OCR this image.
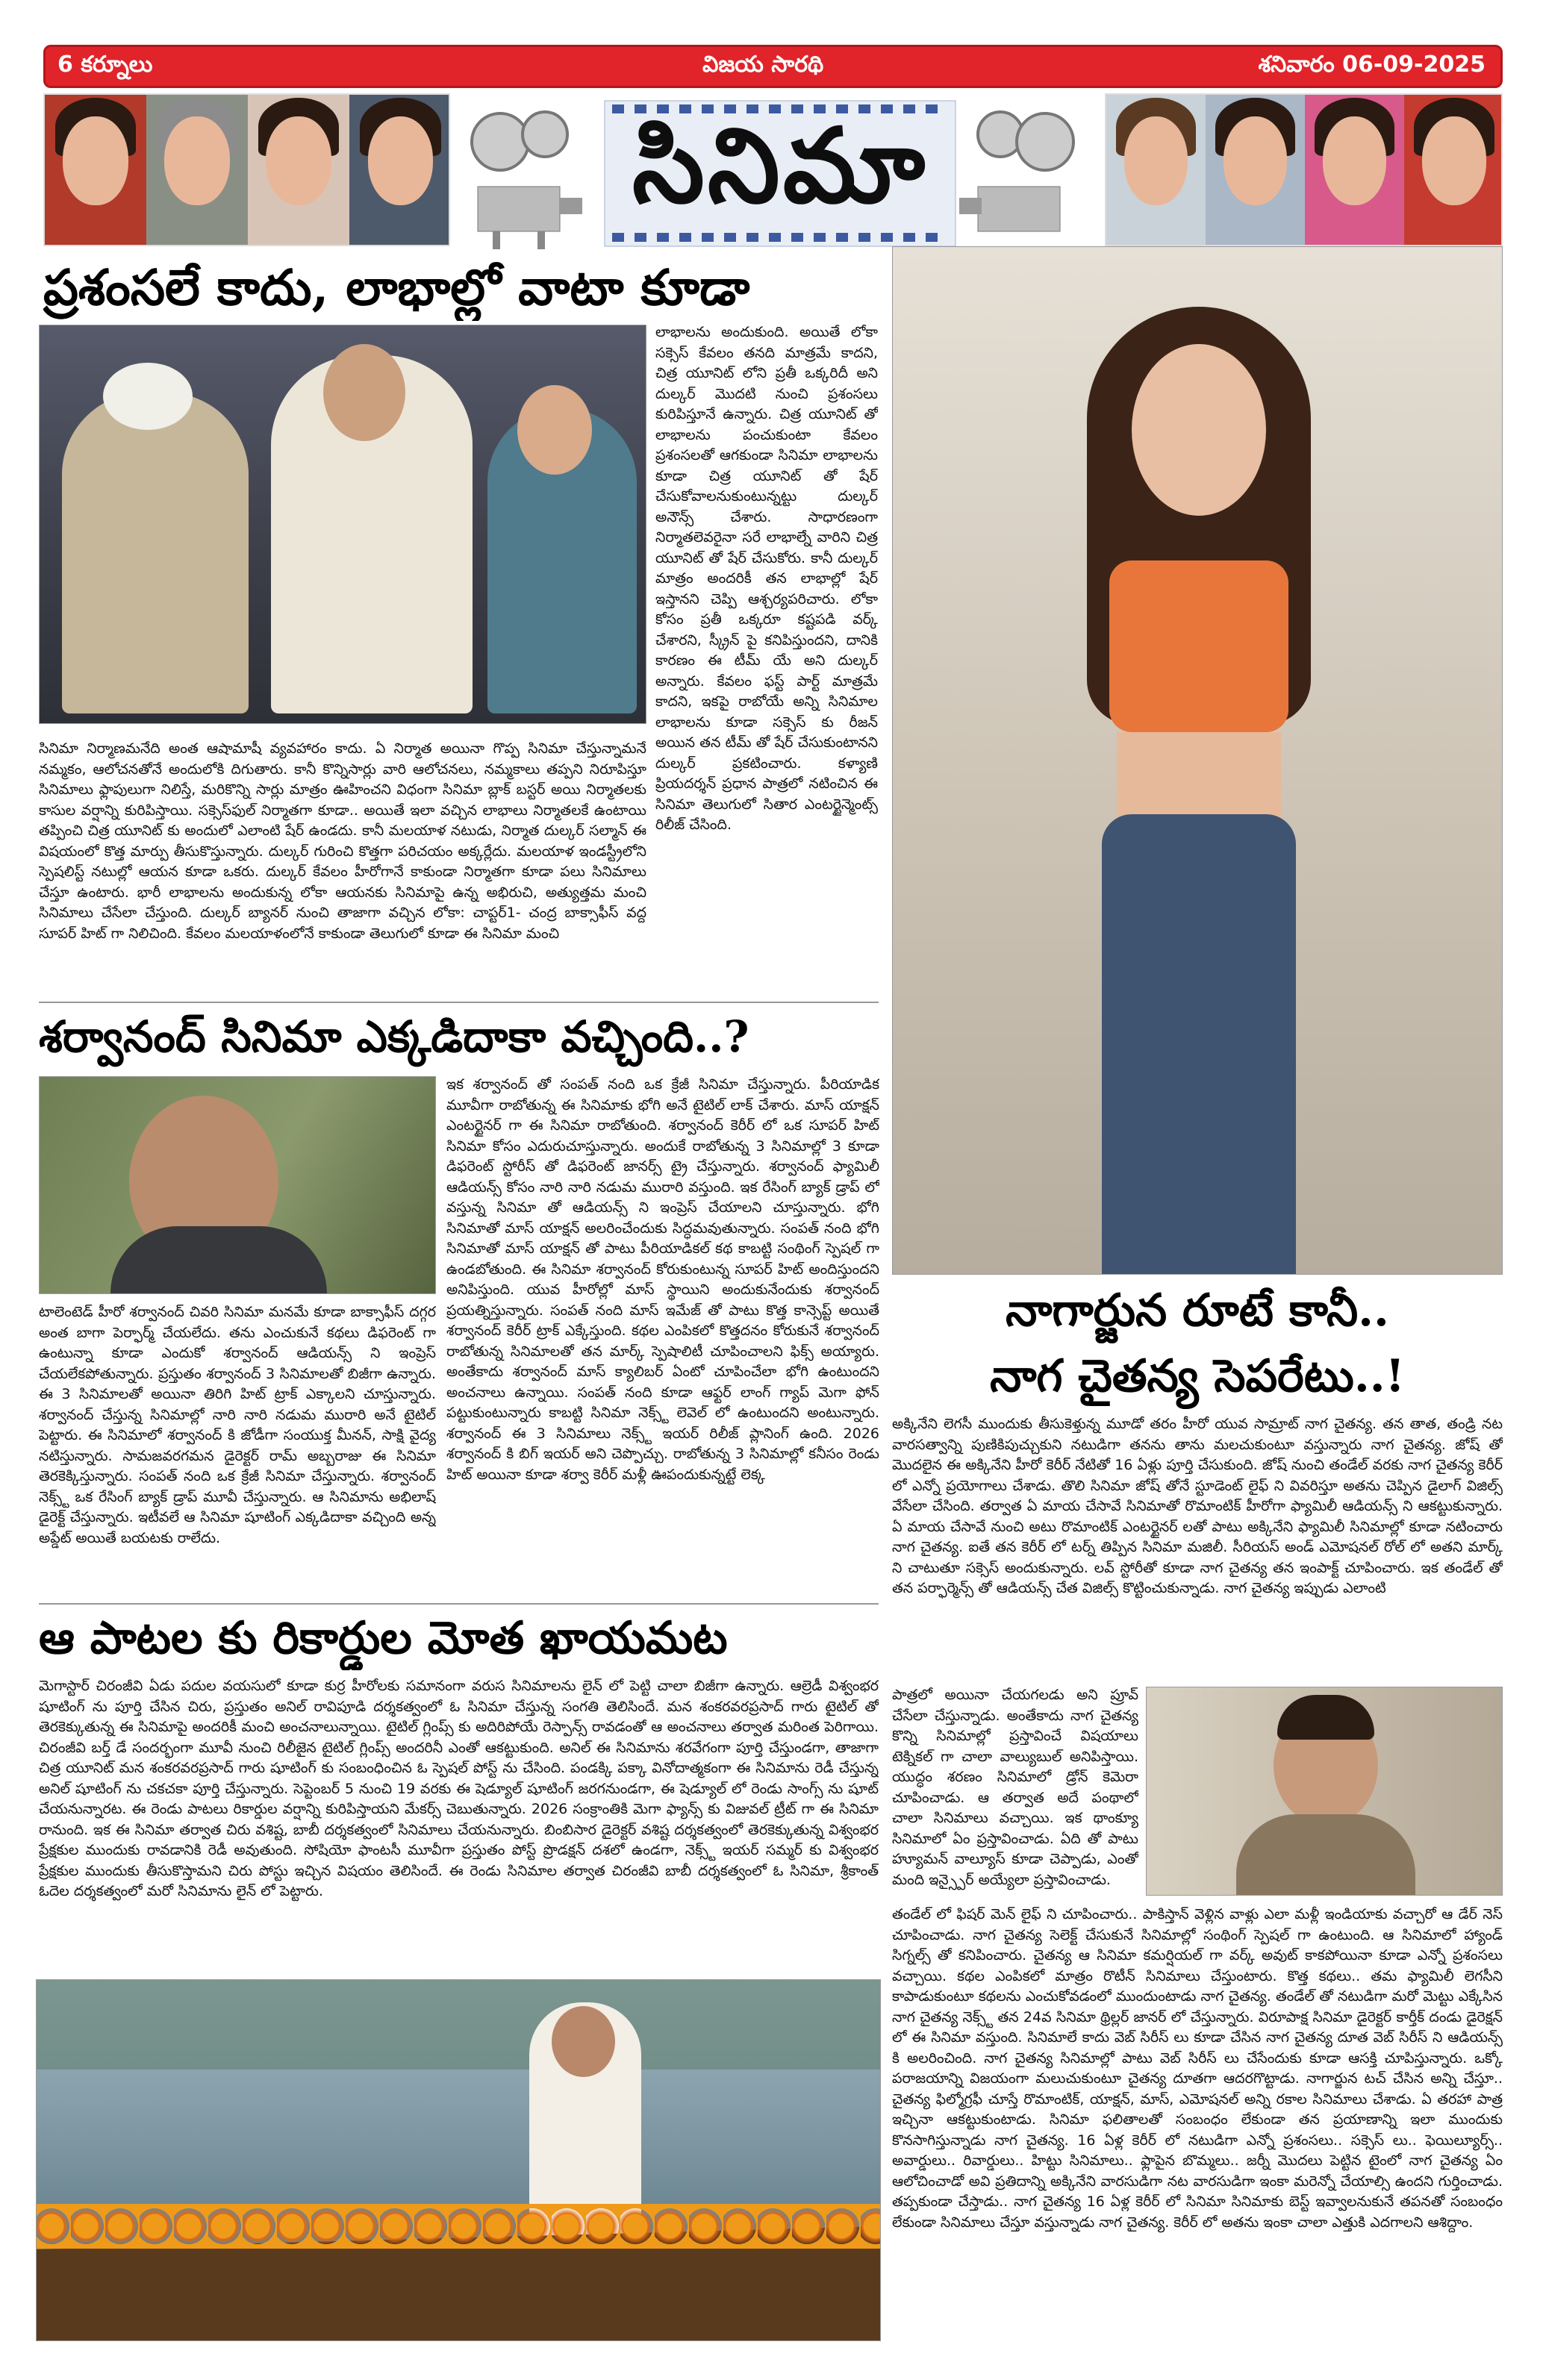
6 కర్నూలు	విజయ సారథి	శనివారం 06-09-2025
సినిమా
ప్రశంసలే కాదు, లాభాల్లో వాటా కూడా
లాభాలను అందుకుంది. అయితే లోకా సక్సెస్ కేవలం తనది మాత్రమే కాదని, చిత్ర యూనిట్ లోని ప్రతీ ఒక్కరిదీ అని దుల్కర్ మొదటి నుంచి ప్రశంసలు కురిపిస్తూనే ఉన్నారు. చిత్ర యూనిట్ తో లాభాలను పంచుకుంటా కేవలం ప్రశంసలతో ఆగకుండా సినిమా లాభాలను కూడా చిత్ర యూనిట్ తో షేర్ చేసుకోవాలనుకుంటున్నట్టు దుల్కర్ అనౌన్స్ చేశారు. సాధారణంగా నిర్మాతలెవరైనా సరే లాభాల్నేే వారిని చిత్ర యూనిట్ తో షేర్ చేసుకోరు. కానీ దుల్కర్ మాత్రం అందరికీ తన లాభాల్లో షేర్ ఇస్తానని చెప్పి ఆశ్చర్యపరిచారు. లోకా కోసం ప్రతీ ఒక్కరూ కష్టపడి వర్క్ చేశారని, స్క్రీన్ పై కనిపిస్తుందని, దానికి కారణం ఈ టీమ్ యే అని దుల్కర్ అన్నారు. కేవలం ఫస్ట్ పార్ట్ మాత్రమే కాదని, ఇకపై రాబోయే అన్ని సినిమాల లాభాలను కూడా సక్సెస్ కు రీజన్ అయిన తన టీమ్ తో షేర్ చేసుకుంటానని దుల్కర్ ప్రకటించారు. కళ్యాణి ప్రియదర్శన్ ప్రధాన పాత్రలో నటించిన ఈ సినిమా తెలుగులో సితార ఎంటర్టైన్మెంట్స్ రిలీజ్ చేసింది.
సినిమా నిర్మాణమనేది అంత ఆషామాషీ వ్యవహారం కాదు. ఏ నిర్మాత అయినా గొప్ప సినిమా చేస్తున్నామనే నమ్మకం, ఆలోచనతోనే అందులోకి దిగుతారు. కానీ కొన్నిసార్లు వారి ఆలోచనలు, నమ్మకాలు తప్పని నిరూపిస్తూ సినిమాలు ఫ్లాపులుగా నిలిస్తే, మరికొన్ని సార్లు మాత్రం ఊహించని విధంగా సినిమా బ్లాక్ బస్టర్ అయి నిర్మాతలకు కాసుల వర్షాన్ని కురిపిస్తాయి. సక్సెస్‌ఫుల్ నిర్మాతగా కూడా.. అయితే ఇలా వచ్చిన లాభాలు నిర్మాతలకే ఉంటాయి తప్పించి చిత్ర యూనిట్ కు అందులో ఎలాంటి షేర్ ఉండదు. కానీ మలయాళ నటుడు, నిర్మాత దుల్కర్ సల్మాన్ ఈ విషయంలో కొత్త మార్పు తీసుకొస్తున్నారు. దుల్కర్ గురించి కొత్తగా పరిచయం అక్కర్లేదు. మలయాళ ఇండస్ట్రీలోని స్పెషలిస్ట్ నటుల్లో ఆయన కూడా ఒకరు. దుల్కర్ కేవలం హీరోగానే కాకుండా నిర్మాతగా కూడా పలు సినిమాలు చేస్తూ ఉంటారు. భారీ లాభాలను అందుకున్న లోకా ఆయనకు సినిమాపై ఉన్న అభిరుచి, అత్యుత్తమ మంచి సినిమాలు చేసేలా చేస్తుంది. దుల్కర్ బ్యానర్ నుంచి తాజాగా వచ్చిన లోకా: చాప్టర్1- చంద్ర బాక్సాఫీస్ వద్ద సూపర్ హిట్ గా నిలిచింది. కేవలం మలయాళంలోనే కాకుండా తెలుగులో కూడా ఈ సినిమా మంచి
శర్వానంద్ సినిమా ఎక్కడిదాకా వచ్చింది..?
ఇక శర్వానంద్ తో సంపత్ నంది ఒక క్రేజీ సినిమా చేస్తున్నారు. పీరియాడిక మూవీగా రాబోతున్న ఈ సినిమాకు భోగి అనే టైటిల్ లాక్ చేశారు. మాస్ యాక్షన్ ఎంటర్టైనర్ గా ఈ సినిమా రాబోతుంది. శర్వానంద్ కెరీర్ లో ఒక సూపర్ హిట్ సినిమా కోసం ఎదురుచూస్తున్నారు. అందుకే రాబోతున్న 3 సినిమాల్లో 3 కూడా డిఫరెంట్ స్టోరీస్ తో డిఫరెంట్ జానర్స్ ట్రై చేస్తున్నారు. శర్వానంద్ ఫ్యామిలీ ఆడియన్స్ కోసం నారి నారి నడుమ మురారి వస్తుంది. ఇక రేసింగ్ బ్యాక్ డ్రాప్ లో వస్తున్న సినిమా తో ఆడియన్స్ ని ఇంప్రెస్ చేయాలని చూస్తున్నారు. భోగి సినిమాతో మాస్ యాక్షన్ అలరించేందుకు సిద్ధమవుతున్నారు. సంపత్ నంది భోగి సినిమాతో మాస్ యాక్షన్ తో పాటు పీరియాడికల్ కథ కాబట్టి సంథింగ్ స్పెషల్ గా ఉండబోతుంది. ఈ సినిమా శర్వానంద్ కోరుకుంటున్న సూపర్ హిట్ అందిస్తుందని అనిపిస్తుంది. యువ హీరోల్లో మాస్ స్థాయిని అందుకునేందుకు శర్వానంద్ ప్రయత్నిస్తున్నారు. సంపత్ నంది మాస్ ఇమేజ్ తో పాటు కొత్త కాన్సెప్ట్ అయితే శర్వానంద్ కెరీర్ ట్రాక్ ఎక్కేస్తుంది. కథల ఎంపికలో కొత్తదనం కోరుకునే శర్వానంద్ రాబోతున్న సినిమాలతో తన మార్క్ స్పెషాలిటీ చూపించాలని ఫిక్స్ అయ్యారు. అంతేకాదు శర్వానంద్ మాస్ క్యాలిబర్ ఏంటో చూపించేలా భోగి ఉంటుందని అంచనాలు ఉన్నాయి. సంపత్ నంది కూడా ఆఫ్టర్ లాంగ్ గ్యాప్ మెగా ఫోన్ పట్టుకుంటున్నారు కాబట్టి సినిమా నెక్స్ట్ లెవెల్ లో ఉంటుందని అంటున్నారు. శర్వానంద్ ఈ 3 సినిమాలు నెక్స్ట్ ఇయర్ రిలీజ్ ప్లానింగ్ ఉంది. 2026 శర్వానంద్ కి బిగ్ ఇయర్ అని చెప్పొచ్చు. రాబోతున్న 3 సినిమాల్లో కనీసం రెండు హిట్ అయినా కూడా శర్వా కెరీర్ మళ్లీ ఊపందుకున్నట్టే లెక్క
టాలెంటెడ్ హీరో శర్వానంద్ చివరి సినిమా మనమే కూడా బాక్సాఫీస్ దగ్గర అంత బాగా పెర్ఫార్మ్ చేయలేదు. తను ఎంచుకునే కథలు డిఫరెంట్ గా ఉంటున్నా కూడా ఎందుకో శర్వానంద్ ఆడియన్స్ ని ఇంప్రెస్ చేయలేకపోతున్నారు. ప్రస్తుతం శర్వానంద్ 3 సినిమాలతో బిజీగా ఉన్నారు. ఈ 3 సినిమాలతో అయినా తిరిగి హిట్ ట్రాక్ ఎక్కాలని చూస్తున్నారు. శర్వానంద్ చేస్తున్న సినిమాల్లో నారి నారి నడుమ మురారి అనే టైటిల్ పెట్టారు. ఈ సినిమాలో శర్వానంద్ కి జోడీగా సంయుక్త మీనన్, సాక్షి వైద్య నటిస్తున్నారు. సామజవరగమన డైరెక్టర్ రామ్ అబ్బరాజు ఈ సినిమా తెరకెక్కిస్తున్నారు. సంపత్ నంది ఒక క్రేజీ సినిమా చేస్తున్నారు. శర్వానంద్ నెక్స్ట్ ఒక రేసింగ్ బ్యాక్ డ్రాప్ మూవీ చేస్తున్నారు. ఆ సినిమాను అభిలాష్ డైరెక్ట్ చేస్తున్నారు. ఇటీవలే ఆ సినిమా షూటింగ్ ఎక్కడిదాకా వచ్చింది అన్న అప్డేట్ అయితే బయటకు రాలేదు.
ఆ పాటల కు రికార్డుల మోత ఖాయమట
మెగాస్టార్ చిరంజీవి ఏడు పదుల వయసులో కూడా కుర్ర హీరోలకు సమానంగా వరుస సినిమాలను లైన్ లో పెట్టి చాలా బిజీగా ఉన్నారు. ఆల్రెడీ విశ్వంభర షూటింగ్ ను పూర్తి చేసిన చిరు, ప్రస్తుతం అనిల్ రావిపూడి దర్శకత్వంలో ఓ సినిమా చేస్తున్న సంగతి తెలిసిందే. మన శంకరవరప్రసాద్ గారు టైటిల్ తో తెరకెక్కుతున్న ఈ సినిమాపై అందరికీ మంచి అంచనాలున్నాయి. టైటిల్ గ్లింప్స్ కు అదిరిపోయే రెస్పాన్స్ రావడంతో ఆ అంచనాలు తర్వాత మరింత పెరిగాయి. చిరంజీవి బర్త్ డే సందర్భంగా మూవీ నుంచి రిలీజైన టైటిల్ గ్లింప్స్ అందరినీ ఎంతో ఆకట్టుకుంది. అనిల్ ఈ సినిమాను శరవేగంగా పూర్తి చేస్తుండగా, తాజాగా చిత్ర యూనిట్ మన శంకరవరప్రసాద్ గారు షూటింగ్ కు సంబంధించిన ఓ స్పెషల్ పోస్ట్ ను చేసింది. పండక్కి పక్కా వినోదాత్మకంగా ఈ సినిమాను రెడీ చేస్తున్న అనిల్ షూటింగ్ ను చకచకా పూర్తి చేస్తున్నారు. సెప్టెంబర్ 5 నుంచి 19 వరకు ఈ షెడ్యూల్ షూటింగ్ జరగనుండగా, ఈ షెడ్యూల్ లో రెండు సాంగ్స్ ను షూట్ చేయనున్నారట. ఈ రెండు పాటలు రికార్డుల వర్షాన్ని కురిపిస్తాయని మేకర్స్ చెబుతున్నారు. 2026 సంక్రాంతికి మెగా ఫ్యాన్స్ కు విజువల్ ట్రీట్ గా ఈ సినిమా రానుంది. ఇక ఈ సినిమా తర్వాత చిరు వశిష్ట, బాబీ దర్శకత్వంలో సినిమాలు చేయనున్నారు. బింబిసార డైరెక్టర్ వశిష్ట దర్శకత్వంలో తెరకెక్కుతున్న విశ్వంభర ప్రేక్షకుల ముందుకు రావడానికి రెడీ అవుతుంది. సోషియో ఫాంటసీ మూవీగా ప్రస్తుతం పోస్ట్ ప్రొడక్షన్ దశలో ఉండగా, నెక్స్ట్ ఇయర్ సమ్మర్ కు విశ్వంభర ప్రేక్షకుల ముందుకు తీసుకొస్తామని చిరు పోస్టు ఇచ్చిన విషయం తెలిసిందే. ఈ రెండు సినిమాల తర్వాత చిరంజీవి బాబీ దర్శకత్వంలో ఓ సినిమా, శ్రీకాంత్ ఓదెల దర్శకత్వంలో మరో సినిమాను లైన్ లో పెట్టారు.
నాగార్జున రూటే కానీ..
నాగ చైతన్య సెపరేటు..!
అక్కినేని లెగసీ ముందుకు తీసుకెళ్తున్న మూడో తరం హీరో యువ సామ్రాట్ నాగ చైతన్య. తన తాత, తండ్రి నట వారసత్వాన్ని పుణికిపుచ్చుకుని నటుడిగా తనను తాను మలచుకుంటూ వస్తున్నారు నాగ చైతన్య. జోష్ తో మొదలైన ఈ అక్కినేని హీరో కెరీర్ నేటితో 16 ఏళ్లు పూర్తి చేసుకుంది. జోష్ నుంచి తండేల్ వరకు నాగ చైతన్య కెరీర్ లో ఎన్నో ప్రయోగాలు చేశాడు. తొలి సినిమా జోష్ తోనే స్టూడెంట్ లైఫ్ ని వివరిస్తూ అతను చెప్పిన డైలాగ్ విజిల్స్ వేసేలా చేసింది. తర్వాత ఏ మాయ చేసావే సినిమాతో రొమాంటిక్ హీరోగా ఫ్యామిలీ ఆడియన్స్ ని ఆకట్టుకున్నారు. ఏ మాయ చేసావే నుంచి అటు రొమాంటిక్ ఎంటర్టైనర్ లతో పాటు అక్కినేని ఫ్యామిలీ సినిమాల్లో కూడా నటించారు నాగ చైతన్య. ఐతే తన కెరీర్ లో టర్న్ తిప్పిన సినిమా మజిలీ. సీరియస్ అండ్ ఎమోషనల్ రోల్ లో అతని మార్క్ ని చాటుతూ సక్సెస్ అందుకున్నారు. లవ్ స్టోరీతో కూడా నాగ చైతన్య తన ఇంపాక్ట్ చూపించారు. ఇక తండేల్ తో తన పర్ఫార్మెన్స్ తో ఆడియన్స్ చేత విజిల్స్ కొట్టించుకున్నాడు. నాగ చైతన్య ఇప్పుడు ఎలాంటి
పాత్రలో అయినా చేయగలడు అని ప్రూవ్ చేసేలా చేస్తున్నాడు. అంతేకాదు నాగ చైతన్య కొన్ని సినిమాల్లో ప్రస్తావించే విషయాలు టెక్నికల్ గా చాలా వాల్యుబుల్ అనిపిస్తాయి. యుద్ధం శరణం సినిమాలో డ్రోన్ కెమెరా చూపించాడు. ఆ తర్వాత అదే పంథాలో చాలా సినిమాలు వచ్చాయి. ఇక థాంక్యూ సినిమాలో ఏం ప్రస్తావించాడు. ఏది తో పాటు హ్యూమన్ వాల్యూస్ కూడా చెప్పాడు, ఎంతో మంది ఇన్స్పైర్ అయ్యేలా ప్రస్తావించాడు.
తండేల్ లో ఫిషర్ మెన్ లైఫ్ ని చూపించారు.. పాకిస్తాన్ వెళ్లిన వాళ్లు ఎలా మళ్లీ ఇండియాకు వచ్చారో ఆ డేర్ నెస్ చూపించాడు. నాగ చైతన్య సెలెక్ట్ చేసుకునే సినిమాల్లో సంథింగ్ స్పెషల్ గా ఉంటుంది. ఆ సినిమాలో హ్యాండ్ సిగ్నల్స్ తో కనిపించారు. చైతన్య ఆ సినిమా కమర్షియల్ గా వర్క్ అవుట్ కాకపోయినా కూడా ఎన్నో ప్రశంసలు వచ్చాయి. కథల ఎంపికలో మాత్రం రొటీన్ సినిమాలు చేస్తుంటారు. కొత్త కథలు.. తమ ఫ్యామిలీ లెగసీని కాపాడుకుంటూ కథలను ఎంచుకోవడంలో ముందుంటాడు నాగ చైతన్య. తండేల్ తో నటుడిగా మరో మెట్టు ఎక్కేసిన నాగ చైతన్య నెక్స్ట్ తన 24వ సినిమా థ్రిల్లర్ జానర్ లో చేస్తున్నారు. విరూపాక్ష సినిమా డైరెక్టర్ కార్తీక్ దండు డైరెక్షన్ లో ఈ సినిమా వస్తుంది. సినిమాలే కాదు వెబ్ సిరీస్ లు కూడా చేసిన నాగ చైతన్య దూత వెబ్ సిరీస్ ని ఆడియన్స్ కి అలరించింది. నాగ చైతన్య సినిమాల్లో పాటు వెబ్ సిరీస్ లు చేసేందుకు కూడా ఆసక్తి చూపిస్తున్నారు. ఒక్కో పరాజయాన్ని విజయంగా మలుచుకుంటూ చైతన్య దూతగా ఆదరగొట్టాడు. నాగార్జున టచ్ చేసిన అన్ని చేస్తూ.. చైతన్య ఫిల్మోగ్రఫీ చూస్తే రొమాంటిక్, యాక్షన్, మాస్, ఎమోషనల్ అన్ని రకాల సినిమాలు చేశాడు. ఏ తరహా పాత్ర ఇచ్చినా ఆకట్టుకుంటాడు. సినిమా ఫలితాలతో సంబంధం లేకుండా తన ప్రయాణాన్ని ఇలా ముందుకు కొనసాగిస్తున్నాడు నాగ చైతన్య. 16 ఏళ్ల కెరీర్ లో నటుడిగా ఎన్నో ప్రశంసలు.. సక్సెస్ లు.. ఫెయిల్యూర్స్.. అవార్డులు.. రివార్డులు.. హిట్టు సినిమాలు.. ఫ్లాపైన బొమ్మలు.. జర్నీ మొదలు పెట్టిన టైంలో నాగ చైతన్య ఏం ఆలోచించాడో అవి ప్రతిదాన్ని అక్కినేని వారసుడిగా నట వారసుడిగా ఇంకా మరెన్నో చేయాల్సి ఉందని గుర్తించాడు. తప్పకుండా చేస్తాడు.. నాగ చైతన్య 16 ఏళ్ల కెరీర్ లో సినిమా సినిమాకు బెస్ట్ ఇవ్వాలనుకునే తపనతో సంబంధం లేకుండా సినిమాలు చేస్తూ వస్తున్నాడు నాగ చైతన్య. కెరీర్ లో అతను ఇంకా చాలా ఎత్తుకి ఎదగాలని ఆశిద్దాం.
